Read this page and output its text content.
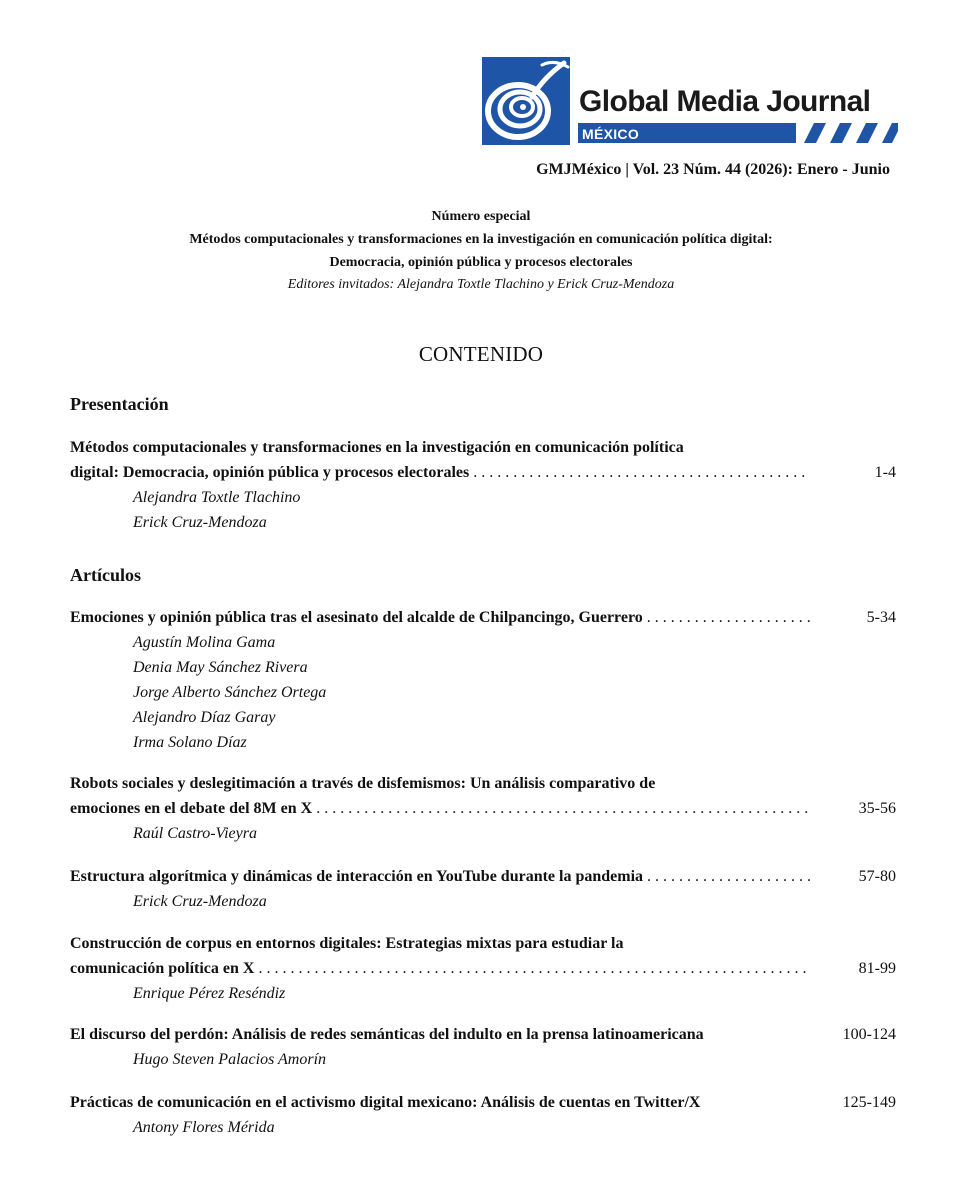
Global Media Journal
MÉXICO
GMJMéxico | Vol. 23 Núm. 44 (2026): Enero - Junio
Número especial
Métodos computacionales y transformaciones en la investigación en comunicación política digital:
Democracia, opinión pública y procesos electorales
Editores invitados: Alejandra Toxtle Tlachino y Erick Cruz-Mendoza
CONTENIDO
Presentación
Métodos computacionales y transformaciones en la investigación en comunicación política
digital: Democracia, opinión pública y procesos electorales . . .	1-4
Alejandra Toxtle Tlachino
Erick Cruz-Mendoza
Artículos
Emociones y opinión pública tras el asesinato del alcalde de Chilpancingo, Guerrero . . .	5-34
Agustín Molina Gama
Denia May Sánchez Rivera
Jorge Alberto Sánchez Ortega
Alejandro Díaz Garay
Irma Solano Díaz
Robots sociales y deslegitimación a través de disfemismos: Un análisis comparativo de
emociones en el debate del 8M en X . . .	35-56
Raúl Castro-Vieyra
Estructura algorítmica y dinámicas de interacción en YouTube durante la pandemia . . .	57-80
Erick Cruz-Mendoza
Construcción de corpus en entornos digitales: Estrategias mixtas para estudiar la
comunicación política en X . . .	81-99
Enrique Pérez Reséndiz
El discurso del perdón: Análisis de redes semánticas del indulto en la prensa latinoamericana	100-124
Hugo Steven Palacios Amorín
Prácticas de comunicación en el activismo digital mexicano: Análisis de cuentas en Twitter/X	125-149
Antony Flores Mérida
